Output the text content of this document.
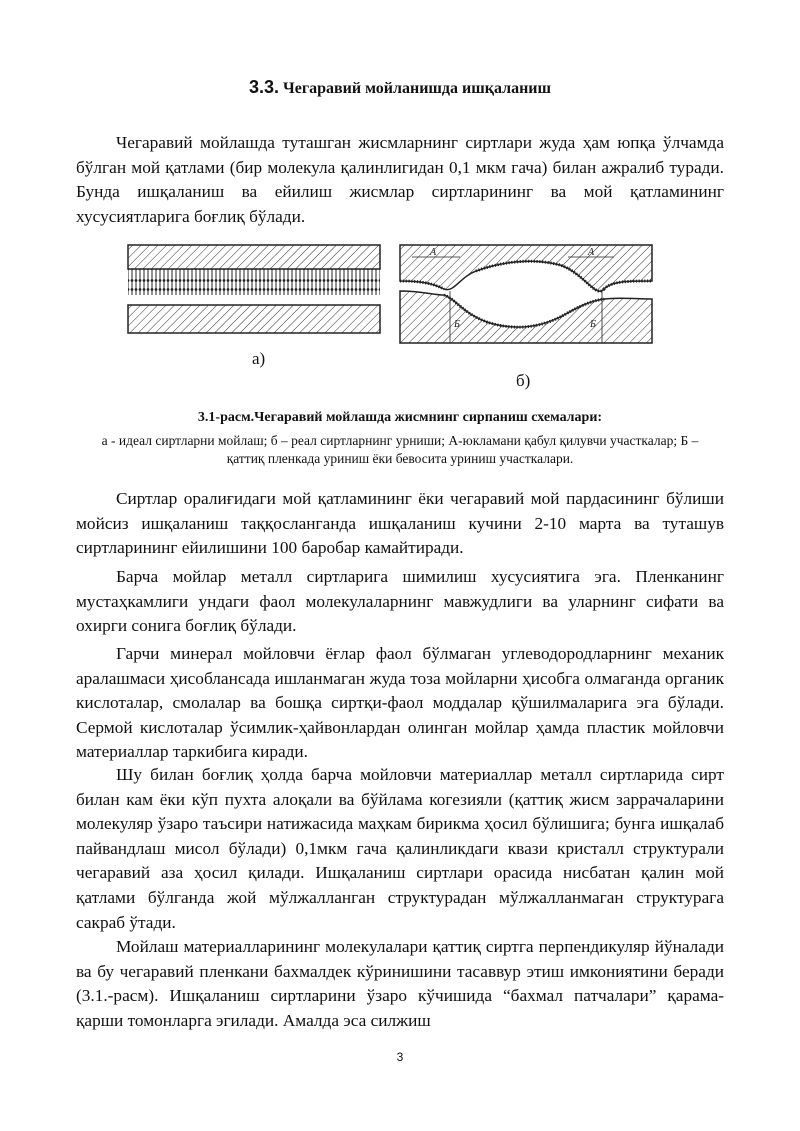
3.3. Чегаравий мойланишда ишқаланиш

Чегаравий мойлашда туташган жисмларнинг сиртлари жуда ҳам юпқа ўлчамда бўлган мой қатлами (бир молекула қалинлигидан 0,1 мкм гача) билан ажралиб туради. Бунда ишқаланиш ва ейилиш жисмлар сиртларининг ва мой қатламининг хусусиятларига боғлиқ бўлади.

А	А
Б	Б
а)
б)
3.1-расм.Чегаравий мойлашда жисмнинг сирпаниш схемалари:
а - идеал сиртларни мойлаш; б – реал сиртларнинг урниши; А-юкламани қабул қилувчи участкалар; Б – қаттиқ пленкада уриниш ёки бевосита уриниш участкалари.

Сиртлар оралиғидаги мой қатламининг ёки чегаравий мой пардасининг бўлиши мойсиз ишқаланиш таққосланганда ишқаланиш кучини 2-10 марта ва туташув сиртларининг ейилишини 100 баробар камайтиради.

Барча мойлар металл сиртларига шимилиш хусусиятига эга. Пленканинг мустаҳкамлиги ундаги фаол молекулаларнинг мавжудлиги ва уларнинг сифати ва охирги сонига боғлиқ бўлади.

Гарчи минерал мойловчи ёғлар фаол бўлмаган углеводородларнинг механик аралашмаси ҳисоблансада ишланмаган жуда тоза мойларни ҳисобга олмаганда органик кислоталар, смолалар ва бошқа сиртқи-фаол моддалар қўшилмаларига эга бўлади. Сермой кислоталар ўсимлик-ҳайвонлардан олинган мойлар ҳамда пластик мойловчи материаллар таркибига киради.

Шу билан боғлиқ ҳолда барча мойловчи материаллар металл сиртларида сирт билан кам ёки кўп пухта алоқали ва бўйлама когезияли (қаттиқ жисм заррачаларини молекуляр ўзаро таъсири натижасида маҳкам бирикма ҳосил бўлишига; бунга ишқалаб пайвандлаш мисол бўлади) 0,1мкм гача қалинликдаги квази кристалл структурали чегаравий аза ҳосил қилади. Ишқаланиш сиртлари орасида нисбатан қалин мой қатлами бўлганда жой мўлжалланган структурадан мўлжалланмаган структурага сакраб ўтади.

Мойлаш материалларининг молекулалари қаттиқ сиртга перпендикуляр йўналади ва бу чегаравий пленкани бахмалдек кўринишини тасаввур этиш имкониятини беради (3.1.-расм). Ишқаланиш сиртларини ўзаро кўчишида “бахмал патчалари” қарама-қарши томонларга эгилади. Амалда эса силжиш

3
